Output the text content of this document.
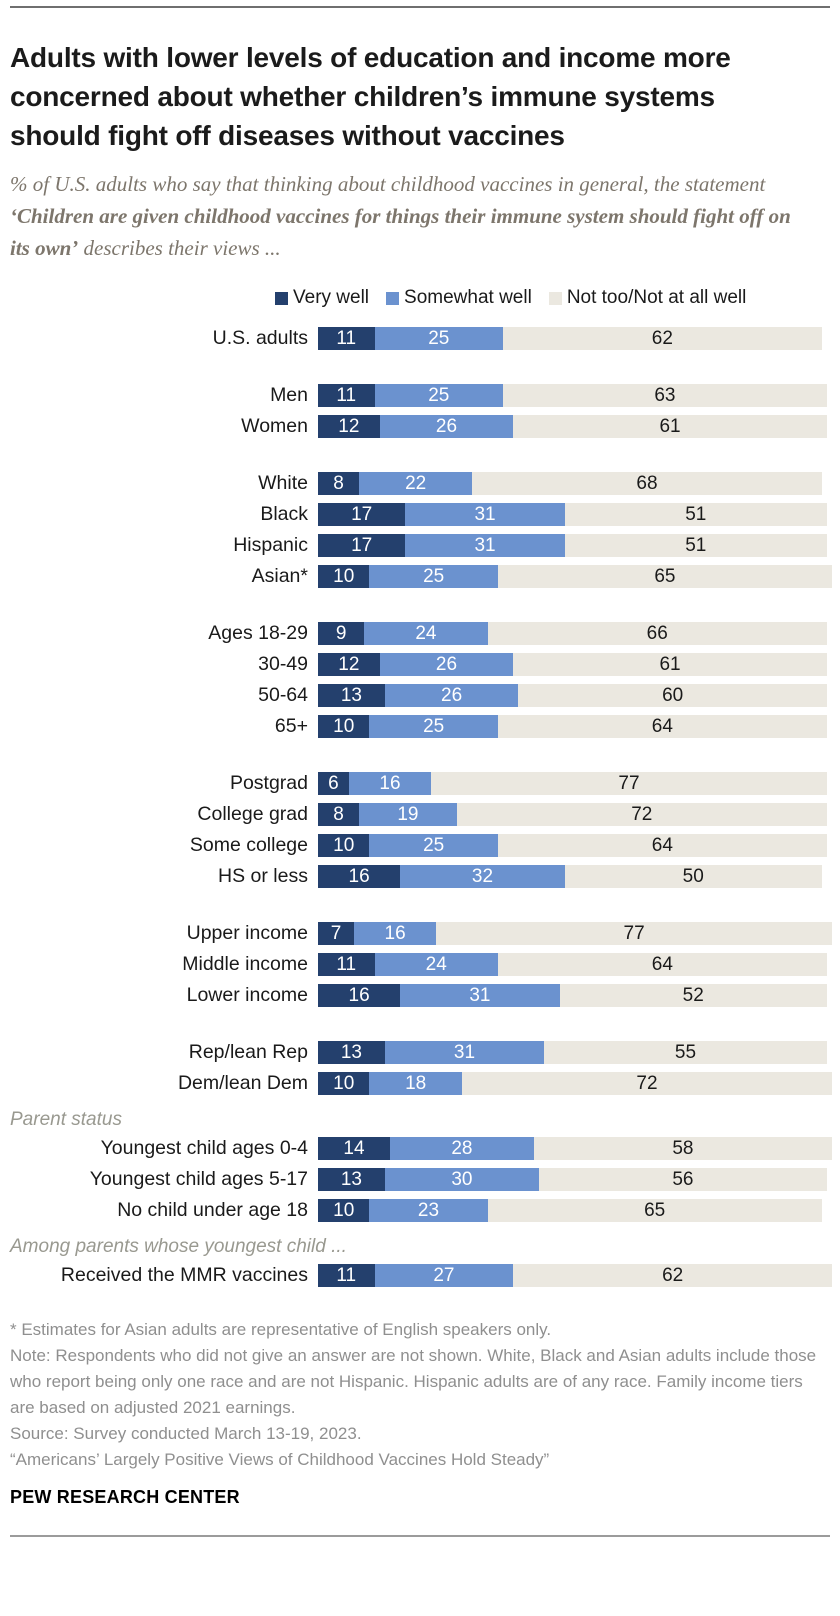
Adults with lower levels of education and income more concerned about whether children’s immune systems should fight off diseases without vaccines

% of U.S. adults who say that thinking about childhood vaccines in general, the statement ‘Children are given childhood vaccines for things their immune system should fight off on its own’ describes their views ...

Very well Somewhat well Not too/Not at all well
U.S. adults	11	25	62
Men	11	25	63
Women	12	26	61
White	8	22	68
Black	17	31	51
Hispanic	17	31	51
Asian*	10	25	65
Ages 18-29	9	24	66
30-49	12	26	61
50-64	13	26	60
65+	10	25	64
Postgrad	6	16	77
College grad	8	19	72
Some college	10	25	64
HS or less	16	32	50
Upper income	7	16	77
Middle income	11	24	64
Lower income	16	31	52
Rep/lean Rep	13	31	55
Dem/lean Dem	10	18	72
Parent status
Youngest child ages 0-4	14	28	58
Youngest child ages 5-17	13	30	56
No child under age 18	10	23	65
Among parents whose youngest child ...
Received the MMR vaccines	11	27	62

* Estimates for Asian adults are representative of English speakers only.

Note: Respondents who did not give an answer are not shown. White, Black and Asian adults include those who report being only one race and are not Hispanic. Hispanic adults are of any race. Family income tiers are based on adjusted 2021 earnings.

Source: Survey conducted March 13-19, 2023.

“Americans’ Largely Positive Views of Childhood Vaccines Hold Steady”

PEW RESEARCH CENTER
